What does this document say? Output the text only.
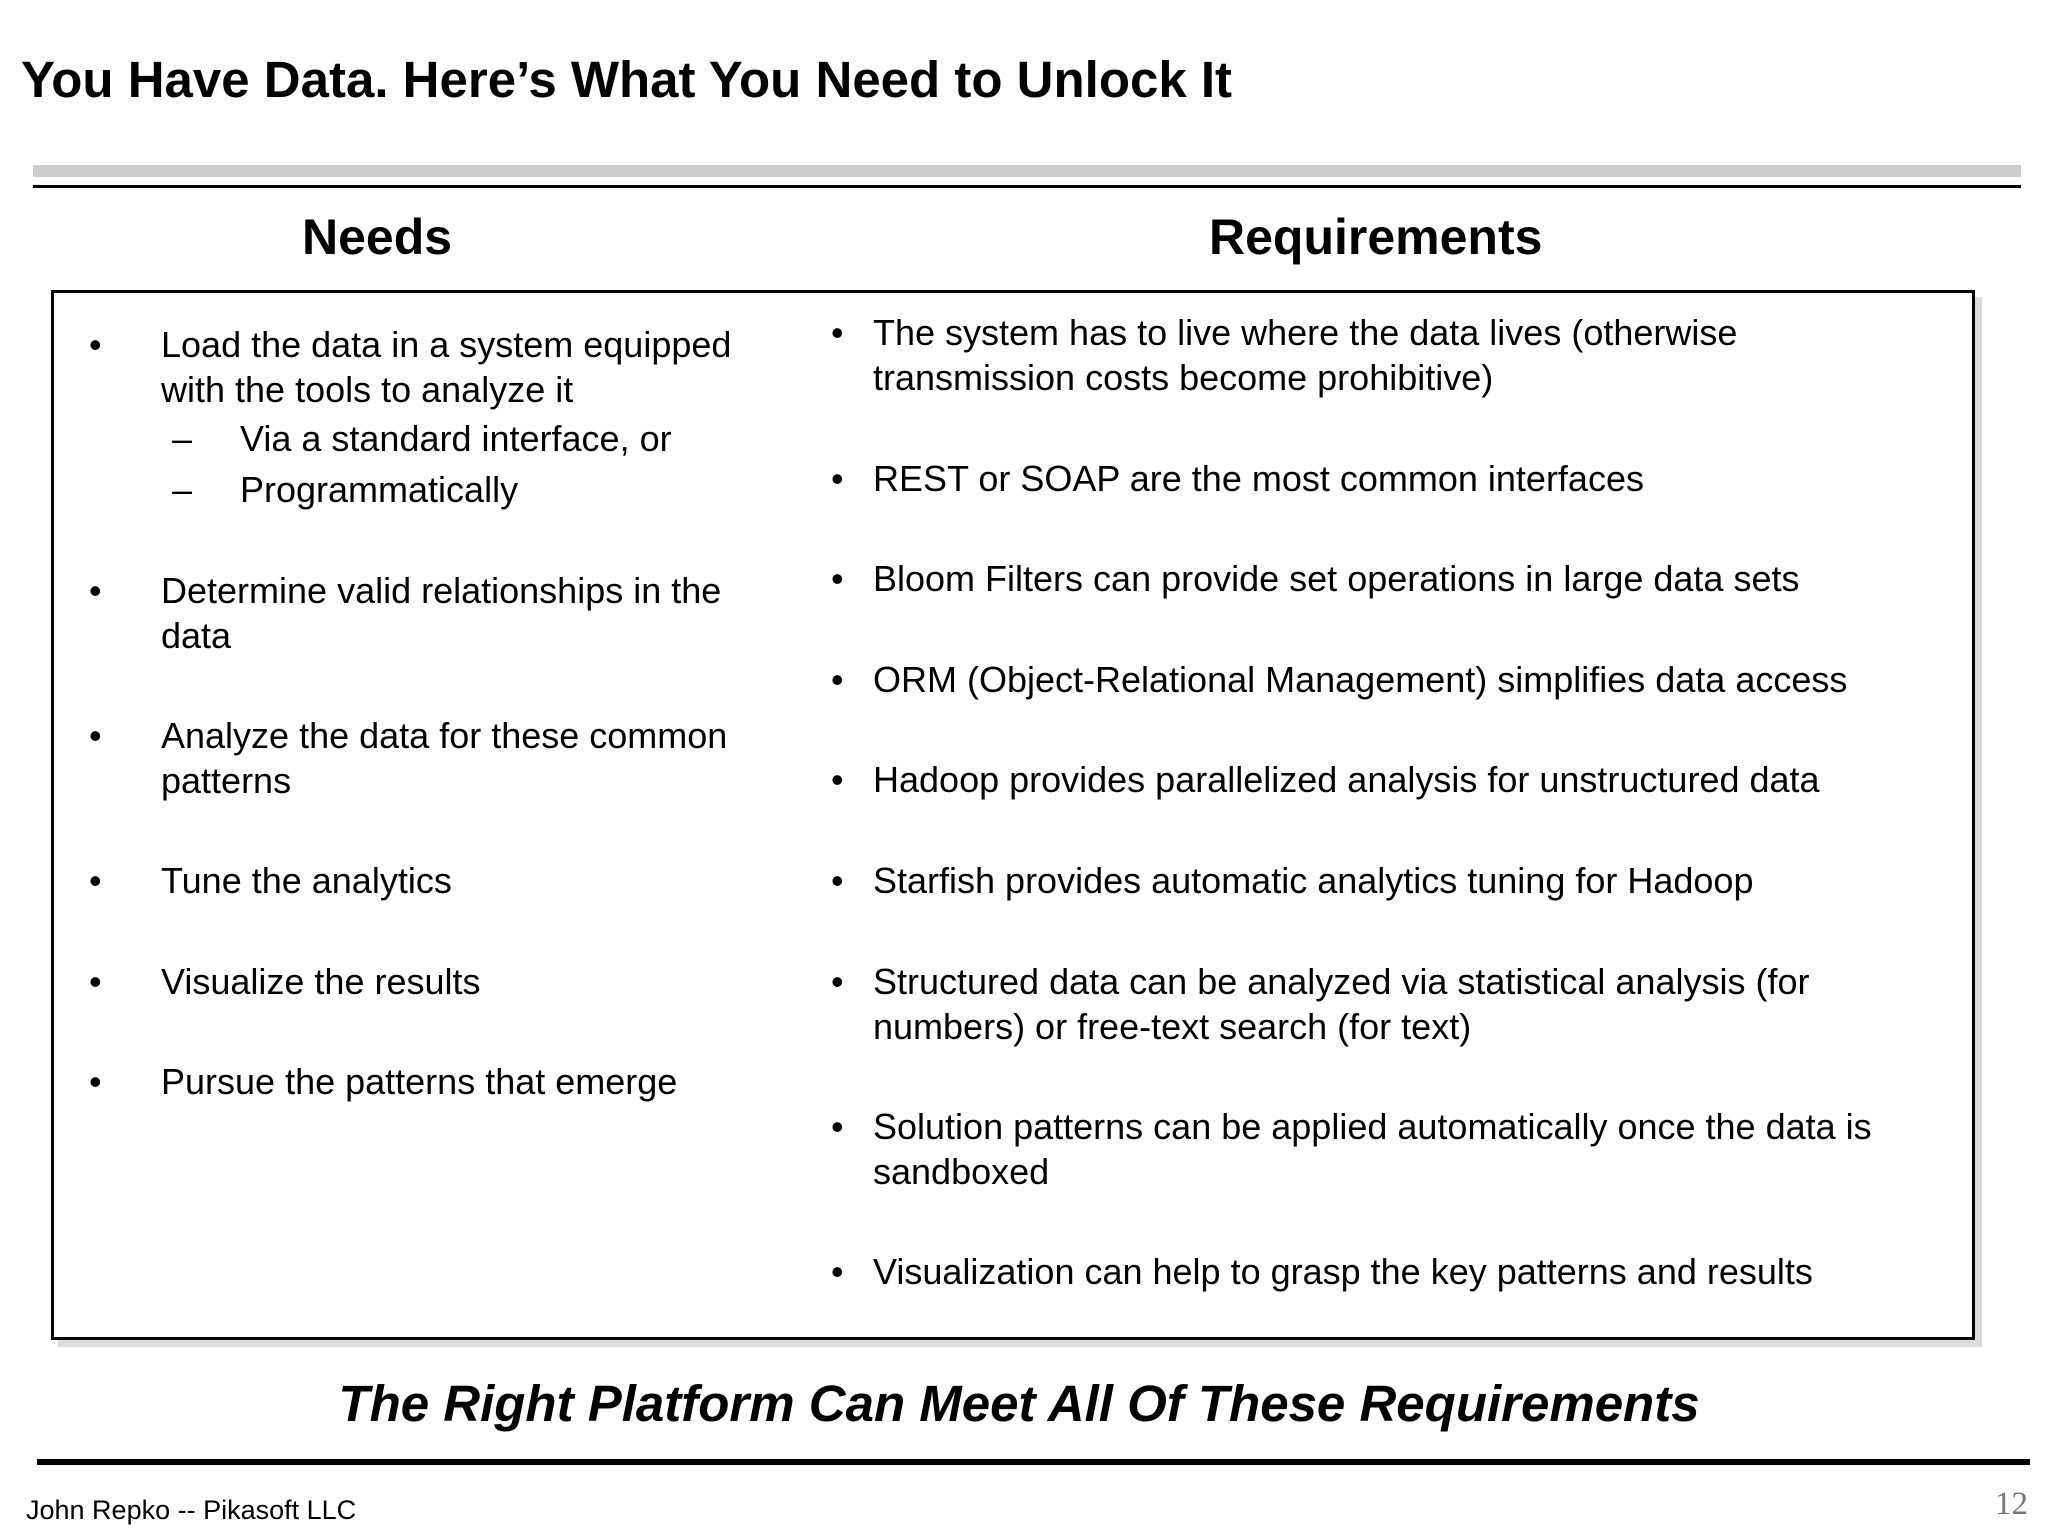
You Have Data. Here’s What You Need to Unlock It
Needs	Requirements
• Load the data in a system equipped with the tools to analyze it
– Via a standard interface, or
– Programmatically
• Determine valid relationships in the data
• Analyze the data for these common patterns
• Tune the analytics
• Visualize the results
• Pursue the patterns that emerge
• The system has to live where the data lives (otherwise transmission costs become prohibitive)
• REST or SOAP are the most common interfaces
• Bloom Filters can provide set operations in large data sets
• ORM (Object-Relational Management) simplifies data access
• Hadoop provides parallelized analysis for unstructured data
• Starfish provides automatic analytics tuning for Hadoop
• Structured data can be analyzed via statistical analysis (for numbers) or free-text search (for text)
• Solution patterns can be applied automatically once the data is sandboxed
• Visualization can help to grasp the key patterns and results
The Right Platform Can Meet All Of These Requirements
John Repko -- Pikasoft LLC	12
